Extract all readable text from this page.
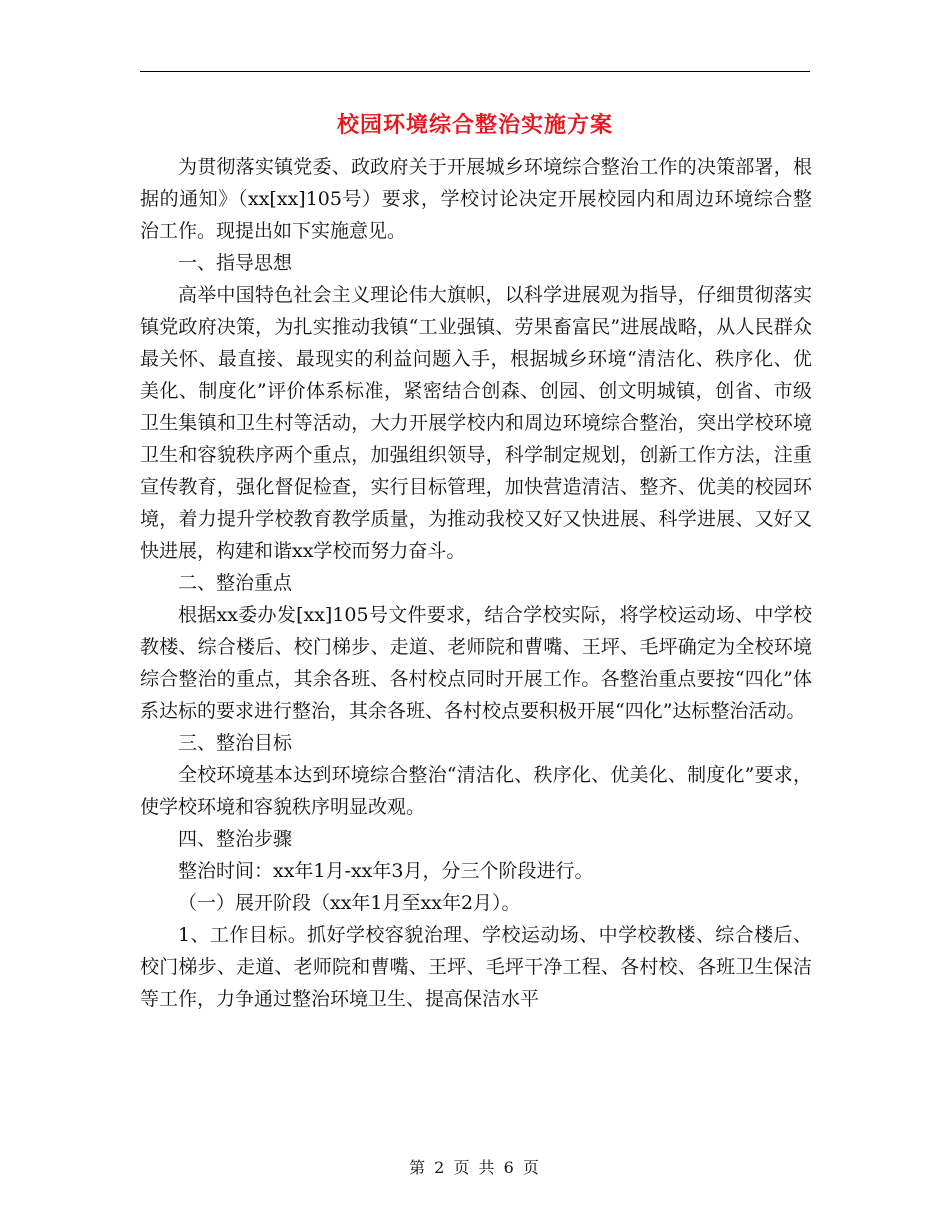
校园环境综合整治实施方案

为贯彻落实镇党委、政政府关于开展城乡环境综合整治工作的决策部署，根据的通知》（xx[xx]105号）要求，学校讨论决定开展校园内和周边环境综合整治工作。现提出如下实施意见。

一、指导思想

高举中国特色社会主义理论伟大旗帜，以科学进展观为指导，仔细贯彻落实镇党政府决策，为扎实推动我镇“工业强镇、劳果畜富民”进展战略，从人民群众最关怀、最直接、最现实的利益问题入手，根据城乡环境“清洁化、秩序化、优美化、制度化”评价体系标准，紧密结合创森、创园、创文明城镇，创省、市级卫生集镇和卫生村等活动，大力开展学校内和周边环境综合整治，突出学校环境卫生和容貌秩序两个重点，加强组织领导，科学制定规划，创新工作方法，注重宣传教育，强化督促检查，实行目标管理，加快营造清洁、整齐、优美的校园环境，着力提升学校教育教学质量，为推动我校又好又快进展、科学进展、又好又快进展，构建和谐xx学校而努力奋斗。

二、整治重点

根据xx委办发[xx]105号文件要求，结合学校实际，将学校运动场、中学校教楼、综合楼后、校门梯步、走道、老师院和曹嘴、王坪、毛坪确定为全校环境综合整治的重点，其余各班、各村校点同时开展工作。各整治重点要按“四化”体系达标的要求进行整治，其余各班、各村校点要积极开展“四化”达标整治活动。

三、整治目标

全校环境基本达到环境综合整治“清洁化、秩序化、优美化、制度化”要求，使学校环境和容貌秩序明显改观。

四、整治步骤

整治时间：xx年1月-xx年3月，分三个阶段进行。

（一）展开阶段（xx年1月至xx年2月）。

1、工作目标。抓好学校容貌治理、学校运动场、中学校教楼、综合楼后、校门梯步、走道、老师院和曹嘴、王坪、毛坪干净工程、各村校、各班卫生保洁等工作，力争通过整治环境卫生、提高保洁水平

第 2 页 共 6 页
